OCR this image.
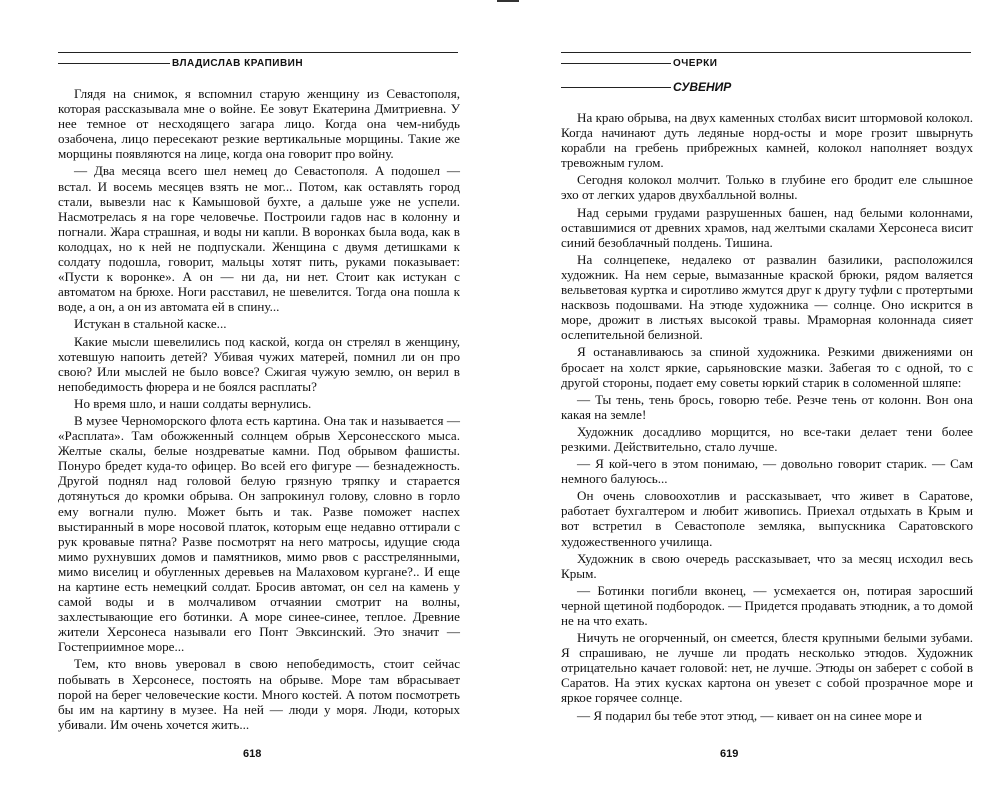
ВЛАДИСЛАВ КРАПИВИН

Глядя на снимок, я вспомнил старую женщину из Севастополя, которая рассказывала мне о войне. Ее зовут Екатерина Дмитриевна. У нее темное от несходящего загара лицо. Когда она чем-нибудь озабочена, лицо пересекают резкие вертикальные морщины. Такие же морщины появляются на лице, когда она говорит про войну.

— Два месяца всего шел немец до Севастополя. А подошел — встал. И восемь месяцев взять не мог... Потом, как оставлять город стали, вывезли нас к Камышовой бухте, а дальше уже не успели. Насмотрелась я на горе человечье. Построили гадов нас в колонну и погнали. Жара страшная, и воды ни капли. В воронках была вода, как в колодцах, но к ней не подпускали. Женщина с двумя детишками к солдату подошла, говорит, мальцы хотят пить, руками показывает: «Пусти к воронке». А он — ни да, ни нет. Стоит как истукан с автоматом на брюхе. Ноги расставил, не шевелится. Тогда она пошла к воде, а он, а он из автомата ей в спину...

Истукан в стальной каске...

Какие мысли шевелились под каской, когда он стрелял в женщину, хотевшую напоить детей? Убивая чужих матерей, помнил ли он про свою? Или мыслей не было вовсе? Сжигая чужую землю, он верил в непобедимость фюрера и не боялся расплаты?

Но время шло, и наши солдаты вернулись.

В музее Черноморского флота есть картина. Она так и называется — «Расплата». Там обожженный солнцем обрыв Херсонесского мыса. Желтые скалы, белые ноздреватые камни. Под обрывом фашисты. Понуро бредет куда-то офицер. Во всей его фигуре — безнадежность. Другой поднял над головой белую грязную тряпку и старается дотянуться до кромки обрыва. Он запрокинул голову, словно в горло ему вогнали пулю. Может быть и так. Разве поможет наспех выстиранный в море носовой платок, которым еще недавно оттирали с рук кровавые пятна? Разве посмотрят на него матросы, идущие сюда мимо рухнувших домов и памятников, мимо рвов с расстрелянными, мимо виселиц и обугленных деревьев на Малаховом кургане?.. И еще на картине есть немецкий солдат. Бросив автомат, он сел на камень у самой воды и в молчаливом отчаянии смотрит на волны, захлестывающие его ботинки. А море синее-синее, теплое. Древние жители Херсонеса называли его Понт Эвксинский. Это значит — Гостеприимное море...

Тем, кто вновь уверовал в свою непобедимость, стоит сейчас побывать в Херсонесе, постоять на обрыве. Море там вбрасывает порой на берег человеческие кости. Много костей. А потом посмотреть бы им на картину в музее. На ней — люди у моря. Люди, которых убивали. Им очень хочется жить...

618
ОЧЕРКИ
СУВЕНИР

На краю обрыва, на двух каменных столбах висит штормовой колокол. Когда начинают дуть ледяные норд-осты и море грозит швырнуть корабли на гребень прибрежных камней, колокол наполняет воздух тревожным гулом.

Сегодня колокол молчит. Только в глубине его бродит еле слышное эхо от легких ударов двухбалльной волны.

Над серыми грудами разрушенных башен, над белыми колоннами, оставшимися от древних храмов, над желтыми скалами Херсонеса висит синий безоблачный полдень. Тишина.

На солнцепеке, недалеко от развалин базилики, расположился художник. На нем серые, вымазанные краской брюки, рядом валяется вельветовая куртка и сиротливо жмутся друг к другу туфли с протертыми насквозь подошвами. На этюде художника — солнце. Оно искрится в море, дрожит в листьях высокой травы. Мраморная колоннада сияет ослепительной белизной.

Я останавливаюсь за спиной художника. Резкими движениями он бросает на холст яркие, сарьяновские мазки. Забегая то с одной, то с другой стороны, подает ему советы юркий старик в соломенной шляпе:

— Ты тень, тень брось, говорю тебе. Резче тень от колонн. Вон она какая на земле!

Художник досадливо морщится, но все-таки делает тени более резкими. Действительно, стало лучше.

— Я кой-чего в этом понимаю, — довольно говорит старик. — Сам немного балуюсь...

Он очень словоохотлив и рассказывает, что живет в Саратове, работает бухгалтером и любит живопись. Приехал отдыхать в Крым и вот встретил в Севастополе земляка, выпускника Саратовского художественного училища.

Художник в свою очередь рассказывает, что за месяц исходил весь Крым.

— Ботинки погибли вконец, — усмехается он, потирая заросший черной щетиной подбородок. — Придется продавать этюдник, а то домой не на что ехать.

Ничуть не огорченный, он смеется, блестя крупными белыми зубами. Я спрашиваю, не лучше ли продать несколько этюдов. Художник отрицательно качает головой: нет, не лучше. Этюды он заберет с собой в Саратов. На этих кусках картона он увезет с собой прозрачное море и яркое горячее солнце.

— Я подарил бы тебе этот этюд, — кивает он на синее море и

619
